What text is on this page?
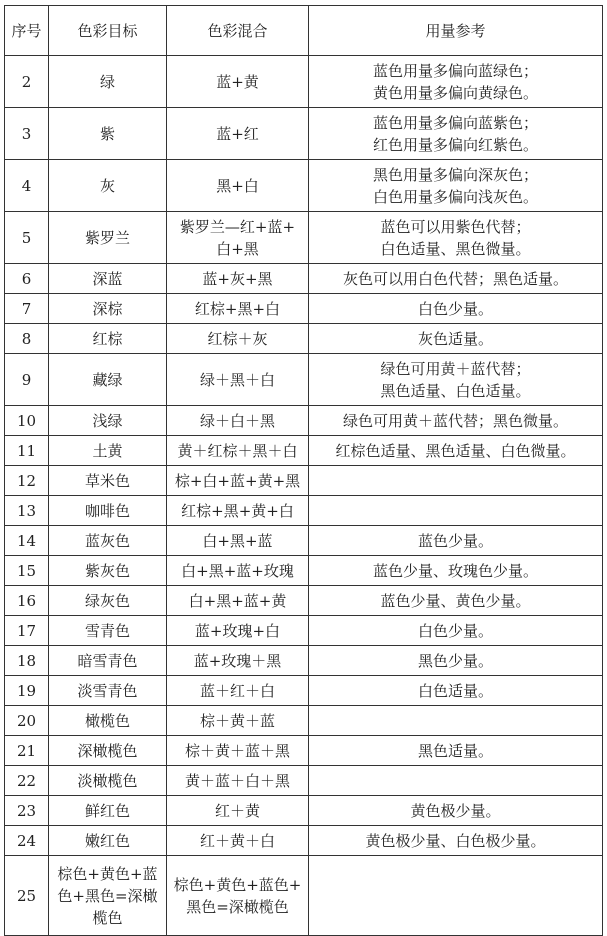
序号	色彩目标	色彩混合	用量参考
2	绿	蓝+黄	蓝色用量多偏向蓝绿色；
黄色用量多偏向黄绿色。

3	紫	蓝+红	蓝色用量多偏向蓝紫色；
红色用量多偏向红紫色。

4	灰	黑+白	黑色用量多偏向深灰色；
白色用量多偏向浅灰色。

5	紫罗兰	紫罗兰—红+蓝+
白+黑	蓝色可以用紫色代替；
白色适量、黑色微量。

6	深蓝	蓝+灰+黑	灰色可以用白色代替；黑色适量。

7	深棕	红棕+黑+白	白色少量。

8	红棕	红棕＋灰	灰色适量。

9	藏绿	绿＋黑＋白	绿色可用黄＋蓝代替；
黑色适量、白色适量。

10	浅绿	绿＋白＋黑	绿色可用黄＋蓝代替；黑色微量。

11	土黄	黄＋红棕＋黑＋白	红棕色适量、黑色适量、白色微量。

12	草米色	棕+白+蓝+黄+黑	

13	咖啡色	红棕+黑+黄+白	

14	蓝灰色	白+黑+蓝	蓝色少量。

15	紫灰色	白+黑+蓝+玫瑰	蓝色少量、玫瑰色少量。

16	绿灰色	白+黑+蓝+黄	蓝色少量、黄色少量。

17	雪青色	蓝+玫瑰+白	白色少量。

18	暗雪青色	蓝+玫瑰＋黑	黑色少量。

19	淡雪青色	蓝＋红＋白	白色适量。

20	橄榄色	棕＋黄＋蓝	

21	深橄榄色	棕＋黄＋蓝＋黑	黑色适量。

22	淡橄榄色	黄＋蓝＋白＋黑	

23	鲜红色	红＋黄	黄色极少量。

24	嫩红色	红＋黄＋白	黄色极少量、白色极少量。

25	棕色+黄色+蓝
色+黑色=深橄
榄色	棕色+黄色+蓝色+
黑色=深橄榄色	
